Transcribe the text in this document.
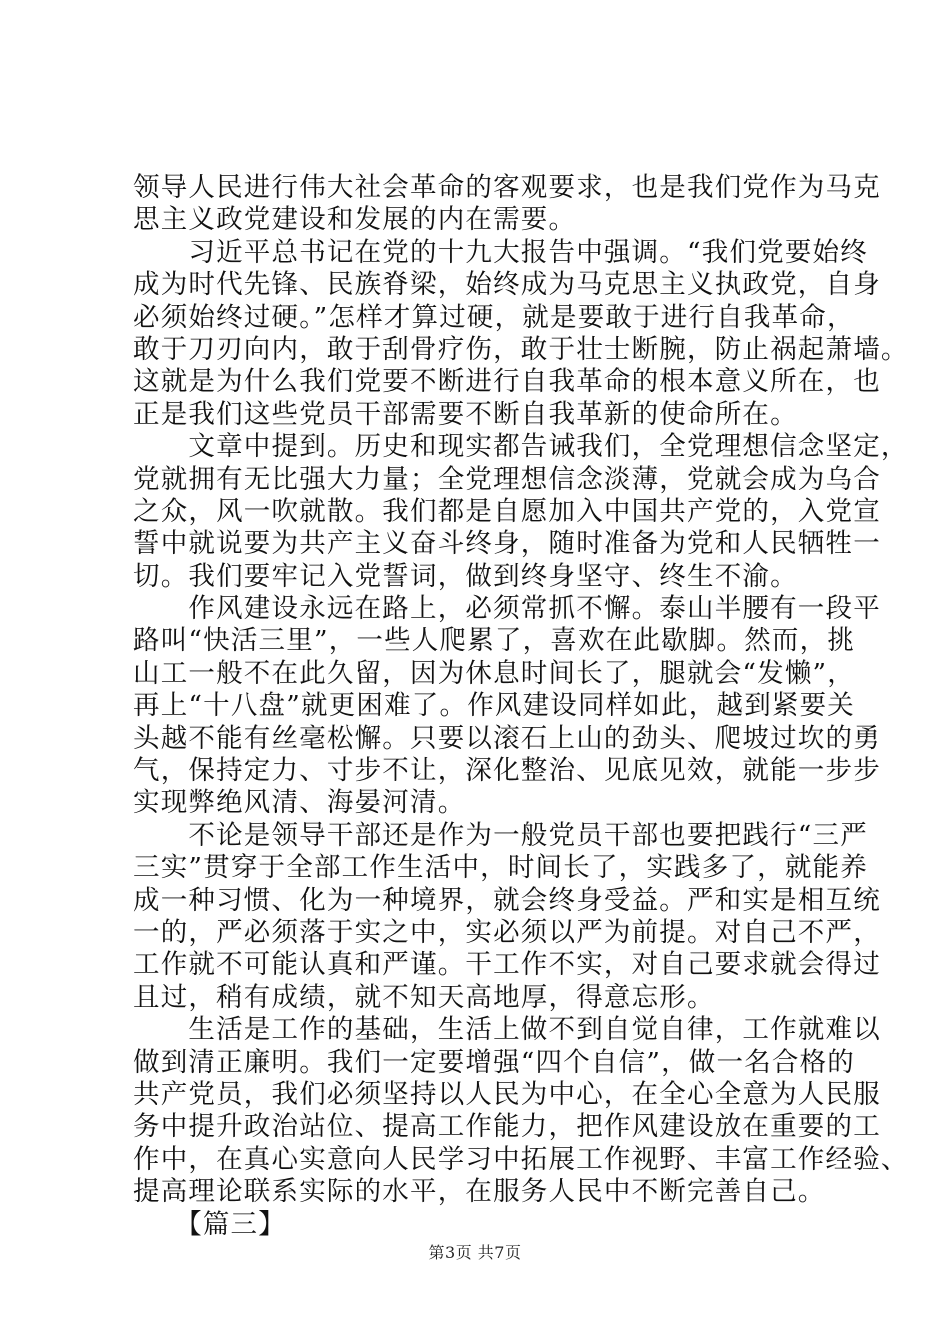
领导人民进行伟大社会革命的客观要求，也是我们党作为马克
思主义政党建设和发展的内在需要。
　　习近平总书记在党的十九大报告中强调。“我们党要始终
成为时代先锋、民族脊梁，始终成为马克思主义执政党，自身
必须始终过硬。”怎样才算过硬，就是要敢于进行自我革命，
敢于刀刃向内，敢于刮骨疗伤，敢于壮士断腕，防止祸起萧墙。
这就是为什么我们党要不断进行自我革命的根本意义所在，也
正是我们这些党员干部需要不断自我革新的使命所在。
　　文章中提到。历史和现实都告诫我们，全党理想信念坚定，
党就拥有无比强大力量；全党理想信念淡薄，党就会成为乌合
之众，风一吹就散。我们都是自愿加入中国共产党的，入党宣
誓中就说要为共产主义奋斗终身，随时准备为党和人民牺牲一
切。我们要牢记入党誓词，做到终身坚守、终生不渝。
　　作风建设永远在路上，必须常抓不懈。泰山半腰有一段平
路叫“快活三里”，一些人爬累了，喜欢在此歇脚。然而，挑
山工一般不在此久留，因为休息时间长了，腿就会“发懒”，
再上“十八盘”就更困难了。作风建设同样如此，越到紧要关
头越不能有丝毫松懈。只要以滚石上山的劲头、爬坡过坎的勇
气，保持定力、寸步不让，深化整治、见底见效，就能一步步
实现弊绝风清、海晏河清。
　　不论是领导干部还是作为一般党员干部也要把践行“三严
三实”贯穿于全部工作生活中，时间长了，实践多了，就能养
成一种习惯、化为一种境界，就会终身受益。严和实是相互统
一的，严必须落于实之中，实必须以严为前提。对自己不严，
工作就不可能认真和严谨。干工作不实，对自己要求就会得过
且过，稍有成绩，就不知天高地厚，得意忘形。
　　生活是工作的基础，生活上做不到自觉自律，工作就难以
做到清正廉明。我们一定要增强“四个自信”，做一名合格的
共产党员，我们必须坚持以人民为中心，在全心全意为人民服
务中提升政治站位、提高工作能力，把作风建设放在重要的工
作中，在真心实意向人民学习中拓展工作视野、丰富工作经验、
提高理论联系实际的水平，在服务人民中不断完善自己。
　　【篇三】
第3页 共7页
